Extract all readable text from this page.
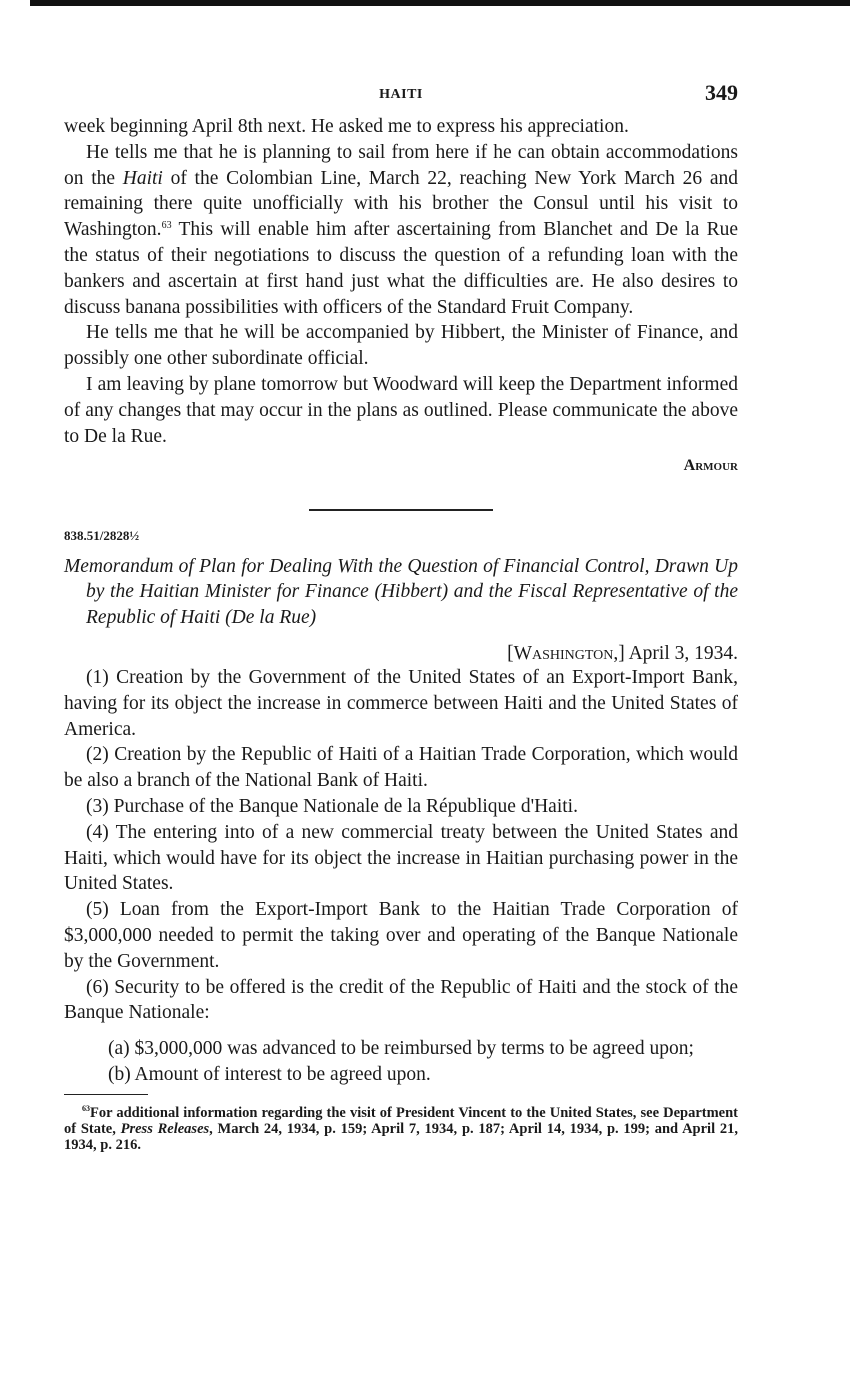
HAITI	349

week beginning April 8th next. He asked me to express his appreciation.

He tells me that he is planning to sail from here if he can obtain accommodations on the Haiti of the Colombian Line, March 22, reaching New York March 26 and remaining there quite unofficially with his brother the Consul until his visit to Washington.$^{63}$ This will enable him after ascertaining from Blanchet and De la Rue the status of their negotiations to discuss the question of a refunding loan with the bankers and ascertain at first hand just what the difficulties are. He also desires to discuss banana possibilities with officers of the Standard Fruit Company.

He tells me that he will be accompanied by Hibbert, the Minister of Finance, and possibly one other subordinate official.

I am leaving by plane tomorrow but Woodward will keep the Department informed of any changes that may occur in the plans as outlined. Please communicate the above to De la Rue.

Armour
838.51/2828½
Memorandum of Plan for Dealing With the Question of Financial Control, Drawn Up by the Haitian Minister for Finance (Hibbert) and the Fiscal Representative of the Republic of Haiti (De la Rue)
[Washington,] April 3, 1934.

(1) Creation by the Government of the United States of an Export-Import Bank, having for its object the increase in commerce between Haiti and the United States of America.

(2) Creation by the Republic of Haiti of a Haitian Trade Corporation, which would be also a branch of the National Bank of Haiti.

(3) Purchase of the Banque Nationale de la République d'Haiti.

(4) The entering into of a new commercial treaty between the United States and Haiti, which would have for its object the increase in Haitian purchasing power in the United States.

(5) Loan from the Export-Import Bank to the Haitian Trade Corporation of $3,000,000 needed to permit the taking over and operating of the Banque Nationale by the Government.

(6) Security to be offered is the credit of the Republic of Haiti and the stock of the Banque Nationale:

(a) $3,000,000 was advanced to be reimbursed by terms to be agreed upon;

(b) Amount of interest to be agreed upon.

$^{63}$For additional information regarding the visit of President Vincent to the United States, see Department of State, Press Releases, March 24, 1934, p. 159; April 7, 1934, p. 187; April 14, 1934, p. 199; and April 21, 1934, p. 216.
